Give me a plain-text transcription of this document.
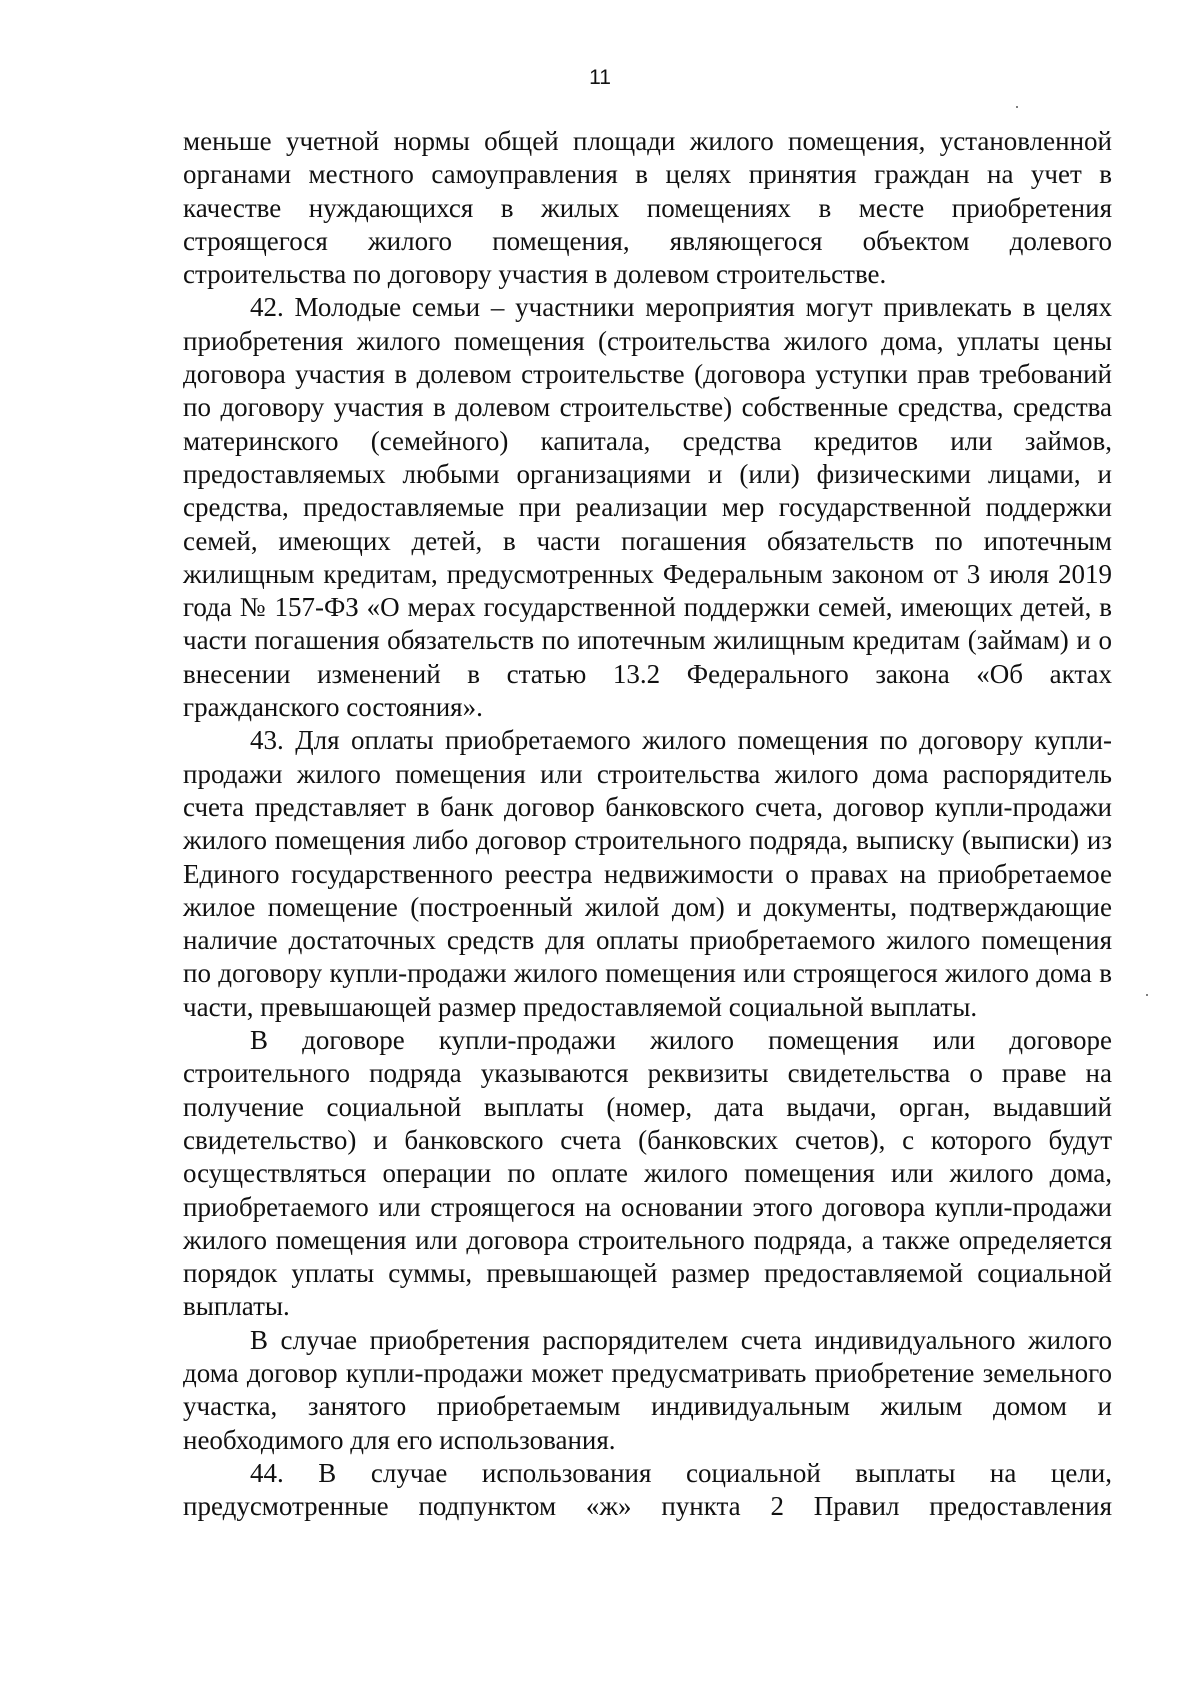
11

меньше учетной нормы общей площади жилого помещения, установленной органами местного самоуправления в целях принятия граждан на учет в качестве нуждающихся в жилых помещениях в месте приобретения строящегося жилого помещения, являющегося объектом долевого строительства по договору участия в долевом строительстве.

42. Молодые семьи – участники мероприятия могут привлекать в целях приобретения жилого помещения (строительства жилого дома, уплаты цены договора участия в долевом строительстве (договора уступки прав требований по договору участия в долевом строительстве) собственные средства, средства материнского (семейного) капитала, средства кредитов или займов, предоставляемых любыми организациями и (или) физическими лицами, и средства, предоставляемые при реализации мер государственной поддержки семей, имеющих детей, в части погашения обязательств по ипотечным жилищным кредитам, предусмотренных Федеральным законом от 3 июля 2019 года № 157-ФЗ «О мерах государственной поддержки семей, имеющих детей, в части погашения обязательств по ипотечным жилищным кредитам (займам) и о внесении изменений в статью 13.2 Федерального закона «Об актах гражданского состояния».

43. Для оплаты приобретаемого жилого помещения по договору купли-продажи жилого помещения или строительства жилого дома распорядитель счета представляет в банк договор банковского счета, договор купли-продажи жилого помещения либо договор строительного подряда, выписку (выписки) из Единого государственного реестра недвижимости о правах на приобретаемое жилое помещение (построенный жилой дом) и документы, подтверждающие наличие достаточных средств для оплаты приобретаемого жилого помещения по договору купли-продажи жилого помещения или строящегося жилого дома в части, превышающей размер предоставляемой социальной выплаты.

В договоре купли-продажи жилого помещения или договоре строительного подряда указываются реквизиты свидетельства о праве на получение социальной выплаты (номер, дата выдачи, орган, выдавший свидетельство) и банковского счета (банковских счетов), с которого будут осуществляться операции по оплате жилого помещения или жилого дома, приобретаемого или строящегося на основании этого договора купли-продажи жилого помещения или договора строительного подряда, а также определяется порядок уплаты суммы, превышающей размер предоставляемой социальной выплаты.

В случае приобретения распорядителем счета индивидуального жилого дома договор купли-продажи может предусматривать приобретение земельного участка, занятого приобретаемым индивидуальным жилым домом и необходимого для его использования.

44. В случае использования социальной выплаты на цели, предусмотренные подпунктом «ж» пункта 2 Правил предоставления
